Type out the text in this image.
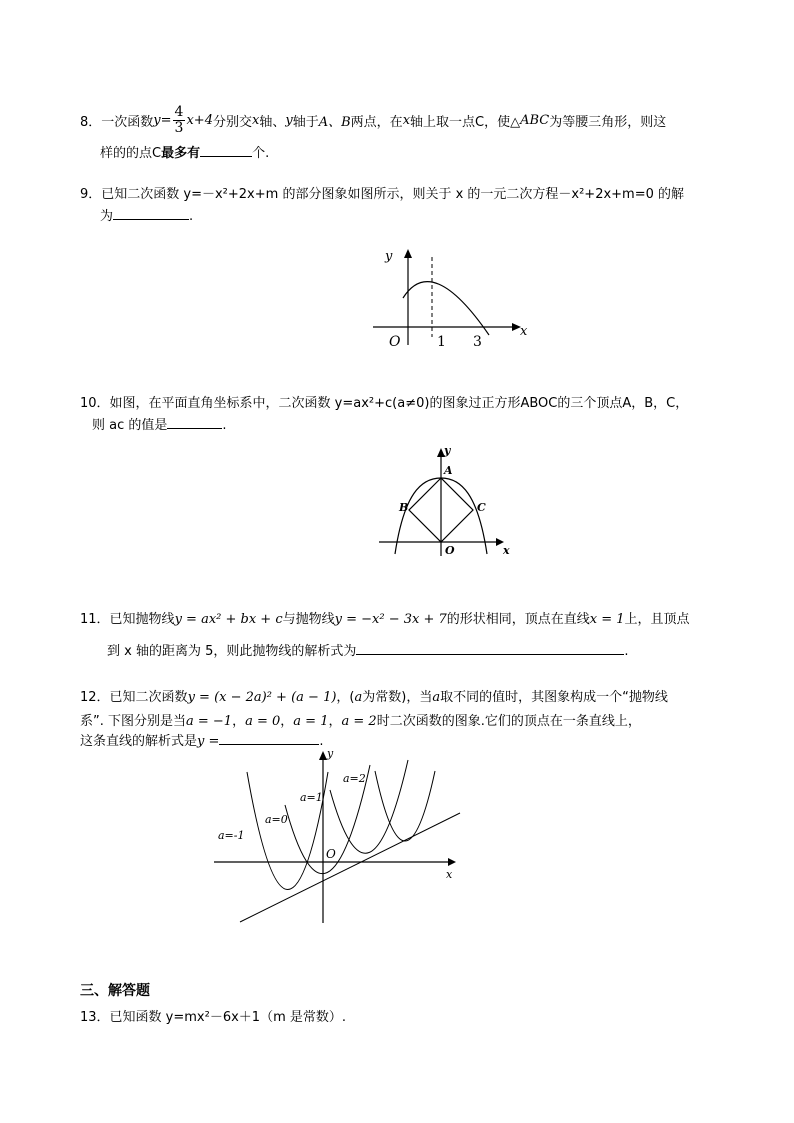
8． 一次函数 $y= \frac{4}{3} x+4$ 分别交 x 轴、 y 轴于 A、B 两点，在 x 轴上取一点C，使△ ABC 为等腰三角形，则这
样的的点C最多有	个.
9．已知二次函数 y=－x²+2x+m 的部分图象如图所示，则关于 x 的一元二次方程－x²+2x+m=0 的解
为	.
y
x
O	1 3
10．如图，在平面直角坐标系中，二次函数 y=ax²+c(a≠0)的图象过正方形ABOC的三个顶点A，B，C，
则 ac 的值是	.
y
x
A
B	C
O
11．已知抛物线y = ax² + bx + c与抛物线y = −x² − 3x + 7的形状相同，顶点在直线x = 1上，且顶点
到 x 轴的距离为 5，则此抛物线的解析式为	.
12．已知二次函数y = (x − 2a)² + (a − 1)，(a为常数)，当a取不同的值时，其图象构成一个“抛物线
系”. 下图分别是当a = −1，a = 0，a = 1，a = 2时二次函数的图象.它们的顶点在一条直线上，
这条直线的解析式是y =	.
y
x
O
a=-1
a=0
a=1
a=2
三、解答题
13．已知函数 y=mx²－6x＋1（m 是常数）.
